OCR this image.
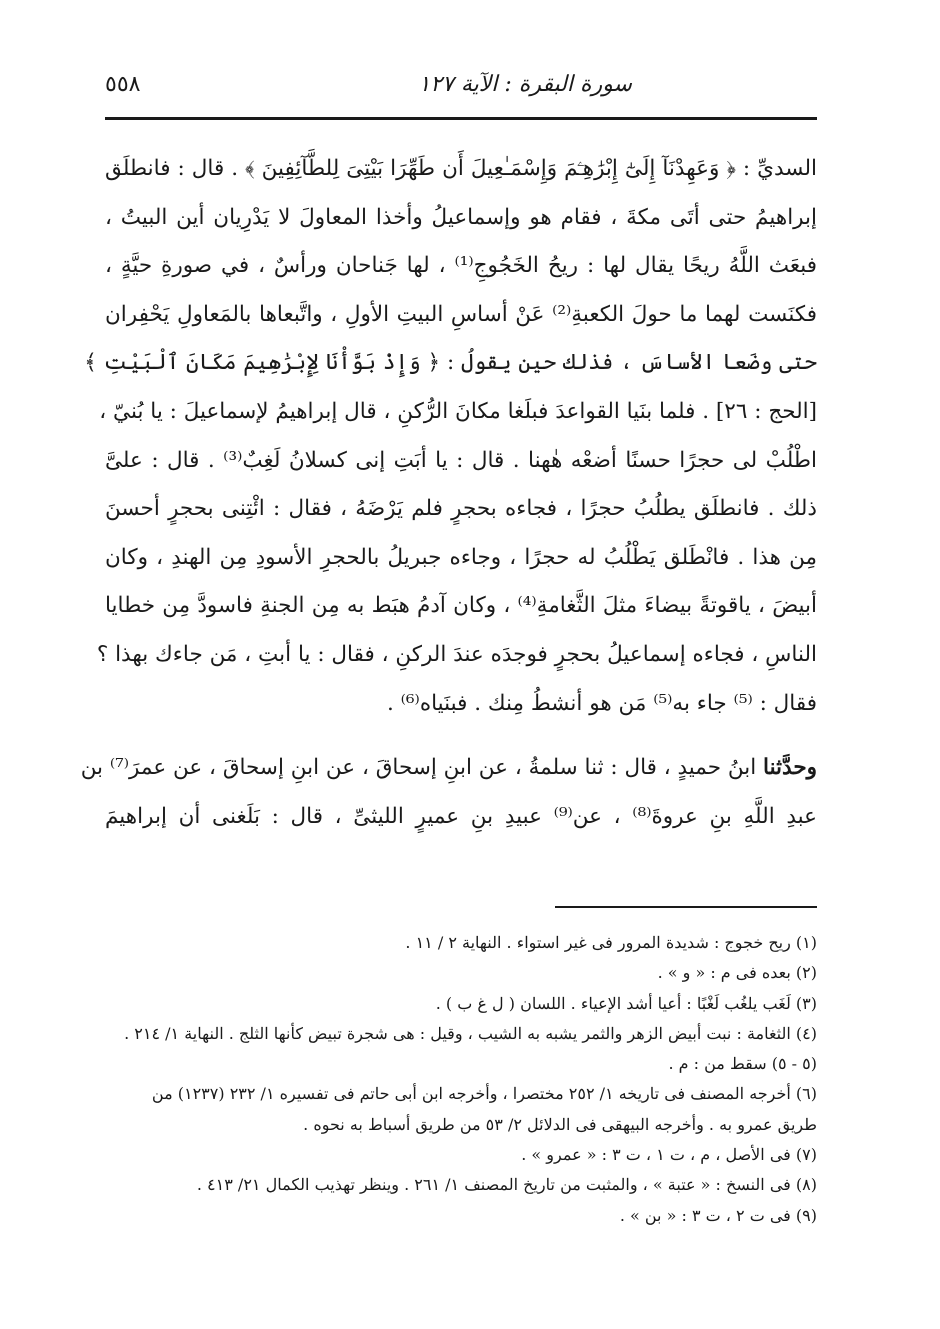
سورة البقرة : الآية ١٢٧
٥٥٨

السديِّ : ﴿ وَعَهِدْنَآ إِلَىٰٓ إِبْرَٰهِـۧمَ وَإِسْمَـٰعِيلَ أَن طَهِّرَا بَيْتِىَ لِلطَّآئِفِينَ ﴾ . قال : فانطلَق
إبراهيمُ حتى أتَى مكةَ ، فقام هو وإسماعيلُ وأخذا المعاولَ لا يَدْرِيان أين البيتُ ،
فبعَث اللَّهُ ريحًا يقال لها : ريحُ الخَجُوجِ⁽¹⁾ ، لها جَناحان ورأسٌ ، في صورةِ حيَّةٍ ،
فكنَست لهما ما حولَ الكعبةِ⁽²⁾ عَنْ أساسِ البيتِ الأولِ ، واتَّبعاها بالمَعاولِ يَحْفِران
حتى وضَعا الأساسَ ، فذلك حين يقولُ : ﴿ وَإِذْ بَوَّأْنَا لِإِبْرَٰهِيمَ مَكَانَ ٱلْبَيْتِ ﴾
[الحج : ٢٦] . فلما بنَيا القواعدَ فبلَغا مكانَ الرُّكنِ ، قال إبراهيمُ لإسماعيلَ : يا بُنيّ ،
اطْلُبْ لى حجرًا حسنًا أضعْه هٰهنا . قال : يا أبَتِ إنى كسلانُ لَغِبٌ⁽³⁾ . قال : علىَّ
ذلك . فانطلَق يطلُبُ حجرًا ، فجاءه بحجرٍ فلم يَرْضَهُ ، فقال : ائْتِنى بحجرٍ أحسنَ
مِن هذا . فانْطَلق يَطْلُبُ له حجرًا ، وجاءه جبريلُ بالحجرِ الأسودِ مِن الهندِ ، وكان
أبيضَ ، ياقوتةً بيضاءَ مثلَ الثَّغامةِ⁽⁴⁾ ، وكان آدمُ هبَط به مِن الجنةِ فاسودَّ مِن خطايا
الناسِ ، فجاءه إسماعيلُ بحجرٍ فوجدَه عندَ الركنِ ، فقال : يا أبتِ ، مَن جاءك بهذا ؟
فقال : ⁽⁵⁾ جاء به⁽⁵⁾ مَن هو أنشطُ مِنك . فبنَياه⁽⁶⁾ .

وحدَّثنا ابنُ حميدٍ ، قال : ثنا سلمةُ ، عن ابنِ إسحاقَ ، عن ابنِ إسحاقَ ، عن عمرَ⁽⁷⁾ بن
عبدِ اللَّهِ بنِ عروةَ⁽⁸⁾ ، عن⁽⁹⁾ عبيدِ بنِ عميرٍ الليثىِّ ، قال : بَلَغنى أن إبراهيمَ

(١) ريح خجوج : شديدة المرور فى غير استواء . النهاية ٢ / ١١ .
(٢) بعده فى م : « و » .
(٣) لَغَب يلغُب لَغْبًا : أعيا أشد الإعياء . اللسان ( ل غ ب ) .
(٤) الثغامة : نبت أبيض الزهر والثمر يشبه به الشيب ، وقيل : هى شجرة تبيض كأنها الثلج . النهاية ١/ ٢١٤ .
(٥ - ٥) سقط من : م .
(٦) أخرجه المصنف فى تاريخه ١/ ٢٥٢ مختصرا ، وأخرجه ابن أبى حاتم فى تفسيره ١/ ٢٣٢ (١٢٣٧) من
طريق عمرو به . وأخرجه البيهقى فى الدلائل ٢/ ٥٣ من طريق أسباط به نحوه .
(٧) فى الأصل ، م ، ت ١ ، ت ٣ : « عمرو » .
(٨) فى النسخ : « عتبة » ، والمثبت من تاريخ المصنف ١/ ٢٦١ . وينظر تهذيب الكمال ٢١/ ٤١٣ .
(٩) فى ت ٢ ، ت ٣ : « بن » .
